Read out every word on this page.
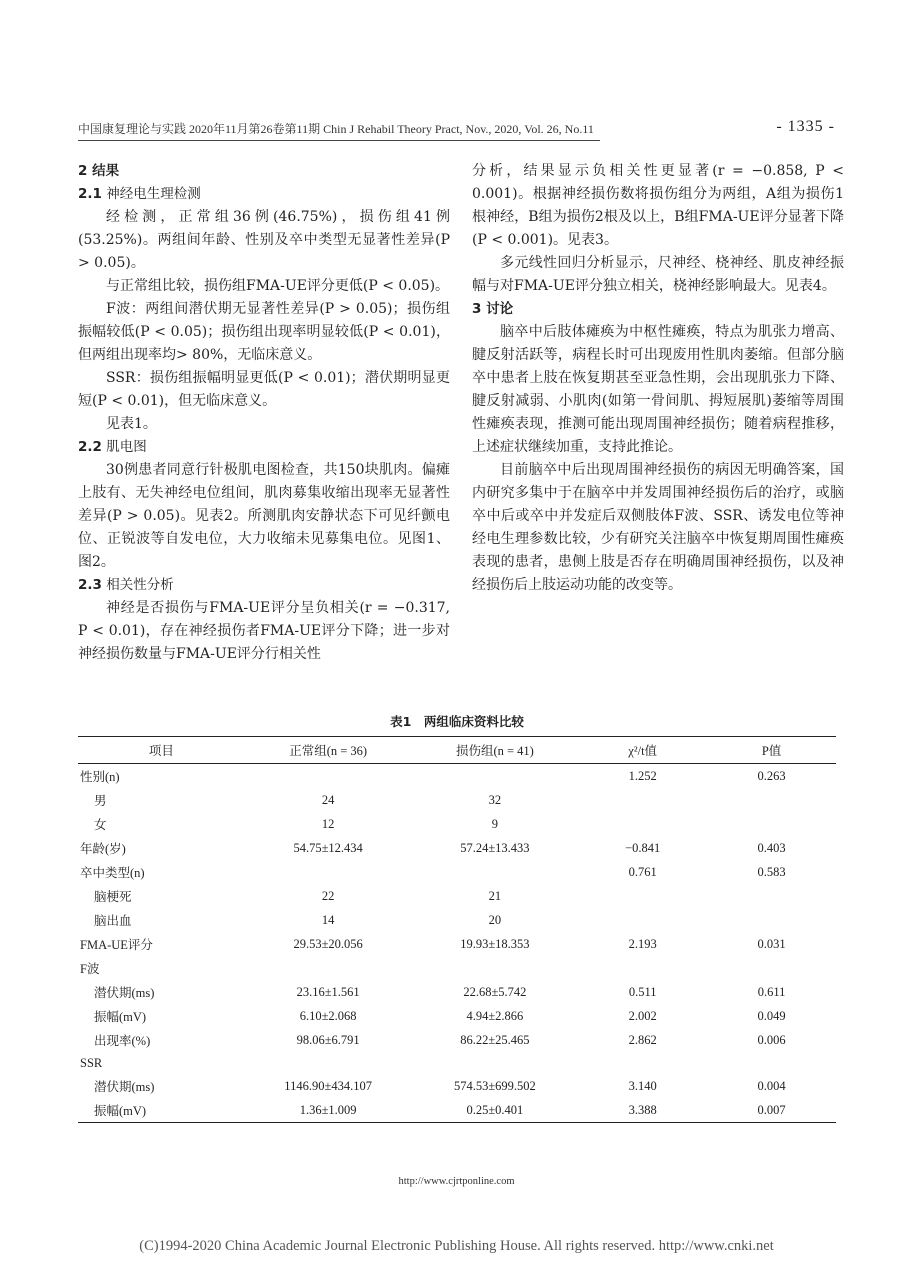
中国康复理论与实践 2020年11月第26卷第11期 Chin J Rehabil Theory Pract, Nov., 2020, Vol. 26, No.11	- 1335 -
2 结果
2.1 神经电生理检测

经检测，正常组36例(46.75%)，损伤组41例(53.25%)。两组间年龄、性别及卒中类型无显著性差异(P > 0.05)。

与正常组比较，损伤组FMA-UE评分更低(P < 0.05)。

F波：两组间潜伏期无显著性差异(P > 0.05)；损伤组振幅较低(P < 0.05)；损伤组出现率明显较低(P < 0.01)，但两组出现率均> 80%，无临床意义。

SSR：损伤组振幅明显更低(P < 0.01)；潜伏期明显更短(P < 0.01)，但无临床意义。

见表1。

2.2 肌电图

30例患者同意行针极肌电图检查，共150块肌肉。偏瘫上肢有、无失神经电位组间，肌肉募集收缩出现率无显著性差异(P > 0.05)。见表2。所测肌肉安静状态下可见纤颤电位、正锐波等自发电位，大力收缩未见募集电位。见图1、图2。

2.3 相关性分析

神经是否损伤与FMA-UE评分呈负相关(r = −0.317, P < 0.01)，存在神经损伤者FMA-UE评分下降；进一步对神经损伤数量与FMA-UE评分行相关性

分析，结果显示负相关性更显著(r = −0.858, P < 0.001)。根据神经损伤数将损伤组分为两组，A组为损伤1根神经，B组为损伤2根及以上，B组FMA-UE评分显著下降(P < 0.001)。见表3。

多元线性回归分析显示，尺神经、桡神经、肌皮神经振幅与对FMA-UE评分独立相关，桡神经影响最大。见表4。

3 讨论

脑卒中后肢体瘫痪为中枢性瘫痪，特点为肌张力增高、腱反射活跃等，病程长时可出现废用性肌肉萎缩。但部分脑卒中患者上肢在恢复期甚至亚急性期，会出现肌张力下降、腱反射减弱、小肌肉(如第一骨间肌、拇短展肌)萎缩等周围性瘫痪表现，推测可能出现周围神经损伤；随着病程推移，上述症状继续加重，支持此推论。

目前脑卒中后出现周围神经损伤的病因无明确答案，国内研究多集中于在脑卒中并发周围神经损伤后的治疗，或脑卒中后或卒中并发症后双侧肢体F波、SSR、诱发电位等神经电生理参数比较，少有研究关注脑卒中恢复期周围性瘫痪表现的患者，患侧上肢是否存在明确周围神经损伤，以及神经损伤后上肢运动功能的改变等。

表1　两组临床资料比较
项目	正常组(n = 36)	损伤组(n = 41)	χ²/t值	P值
性别(n)			1.252	0.263
男	24	32		
女	12	9		
年龄(岁)	54.75±12.434	57.24±13.433	−0.841	0.403
卒中类型(n)			0.761	0.583
脑梗死	22	21		
脑出血	14	20		
FMA-UE评分	29.53±20.056	19.93±18.353	2.193	0.031
F波				
潜伏期(ms)	23.16±1.561	22.68±5.742	0.511	0.611
振幅(mV)	6.10±2.068	4.94±2.866	2.002	0.049
出现率(%)	98.06±6.791	86.22±25.465	2.862	0.006
SSR				
潜伏期(ms)	1146.90±434.107	574.53±699.502	3.140	0.004
振幅(mV)	1.36±1.009	0.25±0.401	3.388	0.007
http://www.cjrtponline.com
(C)1994-2020 China Academic Journal Electronic Publishing House. All rights reserved. http://www.cnki.net
